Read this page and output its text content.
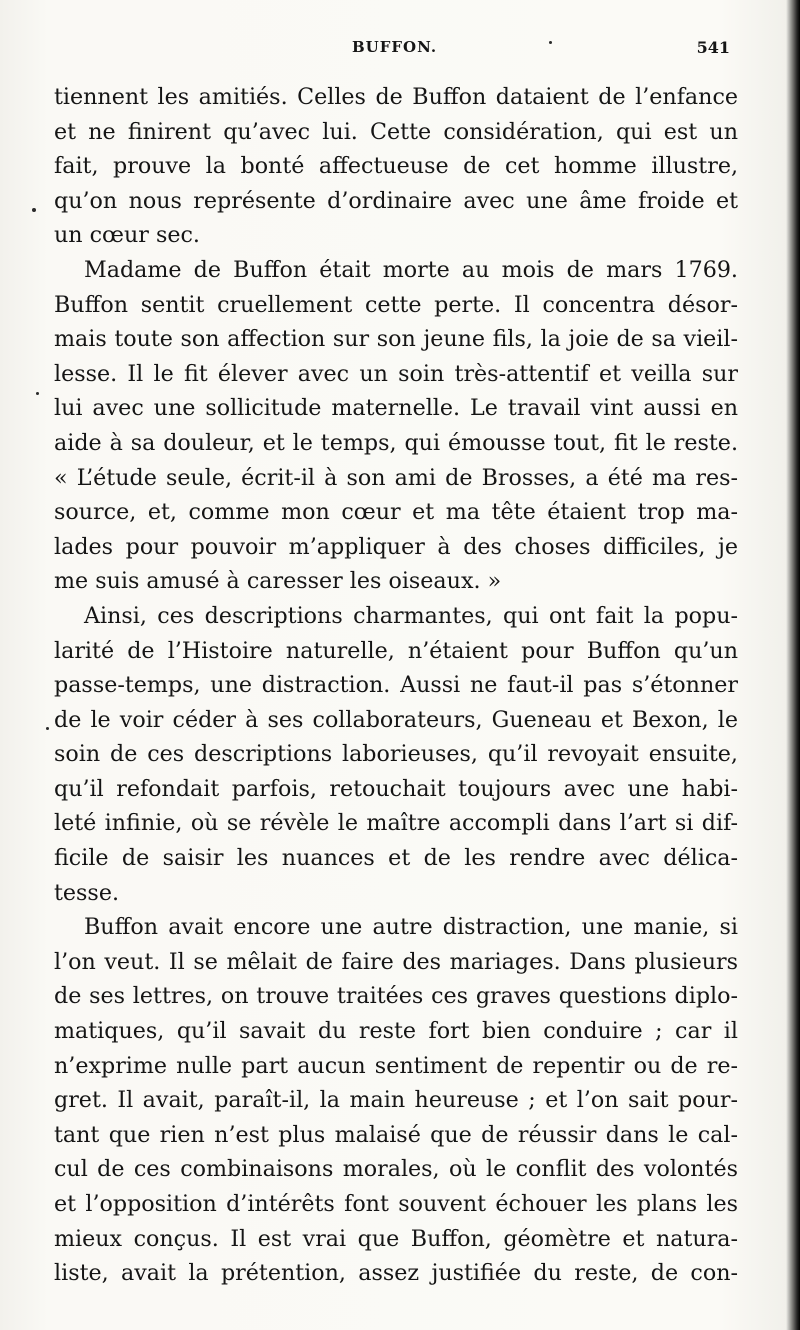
BUFFON.	541
tiennent les amitiés. Celles de Buffon dataient de l’enfance
et ne finirent qu’avec lui. Cette considération, qui est un
fait, prouve la bonté affectueuse de cet homme illustre,
qu’on nous représente d’ordinaire avec une âme froide et
un cœur sec.
Madame de Buffon était morte au mois de mars 1769.
Buffon sentit cruellement cette perte. Il concentra désor-
mais toute son affection sur son jeune fils, la joie de sa vieil-
lesse. Il le fit élever avec un soin très-attentif et veilla sur
lui avec une sollicitude maternelle. Le travail vint aussi en
aide à sa douleur, et le temps, qui émousse tout, fit le reste.
« L’étude seule, écrit-il à son ami de Brosses, a été ma res-
source, et, comme mon cœur et ma tête étaient trop ma-
lades pour pouvoir m’appliquer à des choses difficiles, je
me suis amusé à caresser les oiseaux. »
Ainsi, ces descriptions charmantes, qui ont fait la popu-
larité de l’Histoire naturelle, n’étaient pour Buffon qu’un
passe-temps, une distraction. Aussi ne faut-il pas s’étonner
de le voir céder à ses collaborateurs, Gueneau et Bexon, le
soin de ces descriptions laborieuses, qu’il revoyait ensuite,
qu’il refondait parfois, retouchait toujours avec une habi-
leté infinie, où se révèle le maître accompli dans l’art si dif-
ficile de saisir les nuances et de les rendre avec délica-
tesse.
Buffon avait encore une autre distraction, une manie, si
l’on veut. Il se mêlait de faire des mariages. Dans plusieurs
de ses lettres, on trouve traitées ces graves questions diplo-
matiques, qu’il savait du reste fort bien conduire ; car il
n’exprime nulle part aucun sentiment de repentir ou de re-
gret. Il avait, paraît-il, la main heureuse ; et l’on sait pour-
tant que rien n’est plus malaisé que de réussir dans le cal-
cul de ces combinaisons morales, où le conflit des volontés
et l’opposition d’intérêts font souvent échouer les plans les
mieux conçus. Il est vrai que Buffon, géomètre et natura-
liste, avait la prétention, assez justifiée du reste, de con-
